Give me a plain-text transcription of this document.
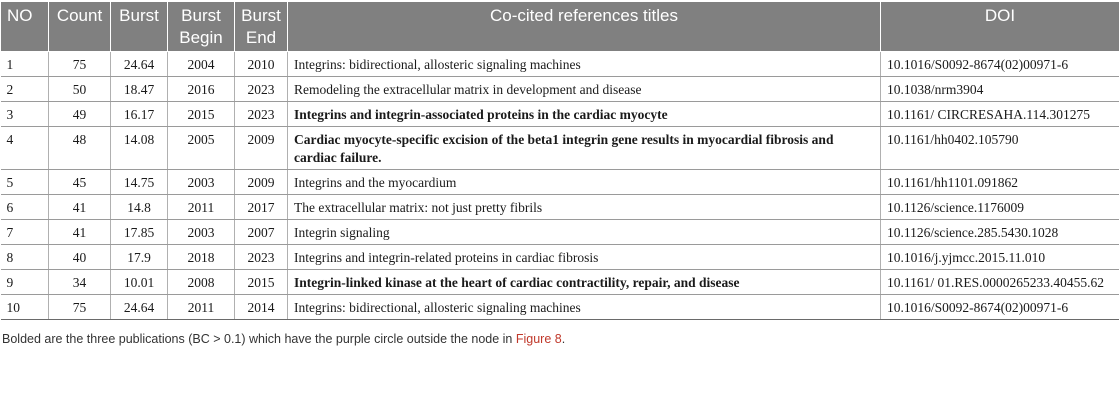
NO	Count	Burst	Burst Begin	Burst End	Co-cited references titles	DOI
1	75	24.64	2004	2010	Integrins: bidirectional, allosteric signaling machines	10.1016/S0092-8674(02)00971-6
2	50	18.47	2016	2023	Remodeling the extracellular matrix in development and disease	10.1038/nrm3904
3	49	16.17	2015	2023	Integrins and integrin-associated proteins in the cardiac myocyte	10.1161/ CIRCRESAHA.114.301275
4	48	14.08	2005	2009	Cardiac myocyte-specific excision of the beta1 integrin gene results in myocardial fibrosis and cardiac failure.	10.1161/hh0402.105790
5	45	14.75	2003	2009	Integrins and the myocardium	10.1161/hh1101.091862
6	41	14.8	2011	2017	The extracellular matrix: not just pretty fibrils	10.1126/science.1176009
7	41	17.85	2003	2007	Integrin signaling	10.1126/science.285.5430.1028
8	40	17.9	2018	2023	Integrins and integrin-related proteins in cardiac fibrosis	10.1016/j.yjmcc.2015.11.010
9	34	10.01	2008	2015	Integrin-linked kinase at the heart of cardiac contractility, repair, and disease	10.1161/ 01.RES.0000265233.40455.62
10	75	24.64	2011	2014	Integrins: bidirectional, allosteric signaling machines	10.1016/S0092-8674(02)00971-6
Bolded are the three publications (BC > 0.1) which have the purple circle outside the node in Figure 8.
